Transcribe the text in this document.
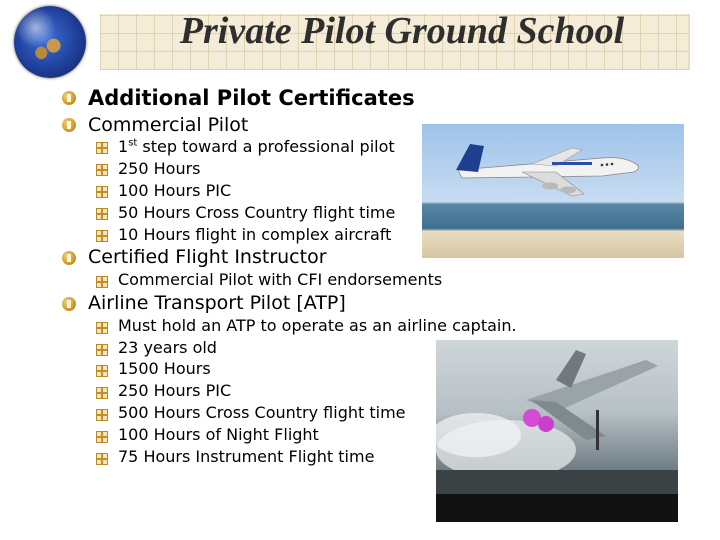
Private Pilot Ground School
Additional Pilot Certificates
Commercial Pilot
1st step toward a professional pilot
250 Hours
100 Hours PIC
50 Hours Cross Country flight time
10 Hours flight in complex aircraft
Certified Flight Instructor
Commercial Pilot with CFI endorsements
Airline Transport Pilot [ATP]
Must hold an ATP to operate as an airline captain.
23 years old
1500 Hours
250 Hours PIC
500 Hours Cross Country flight time
100 Hours of Night Flight
75 Hours Instrument Flight time
